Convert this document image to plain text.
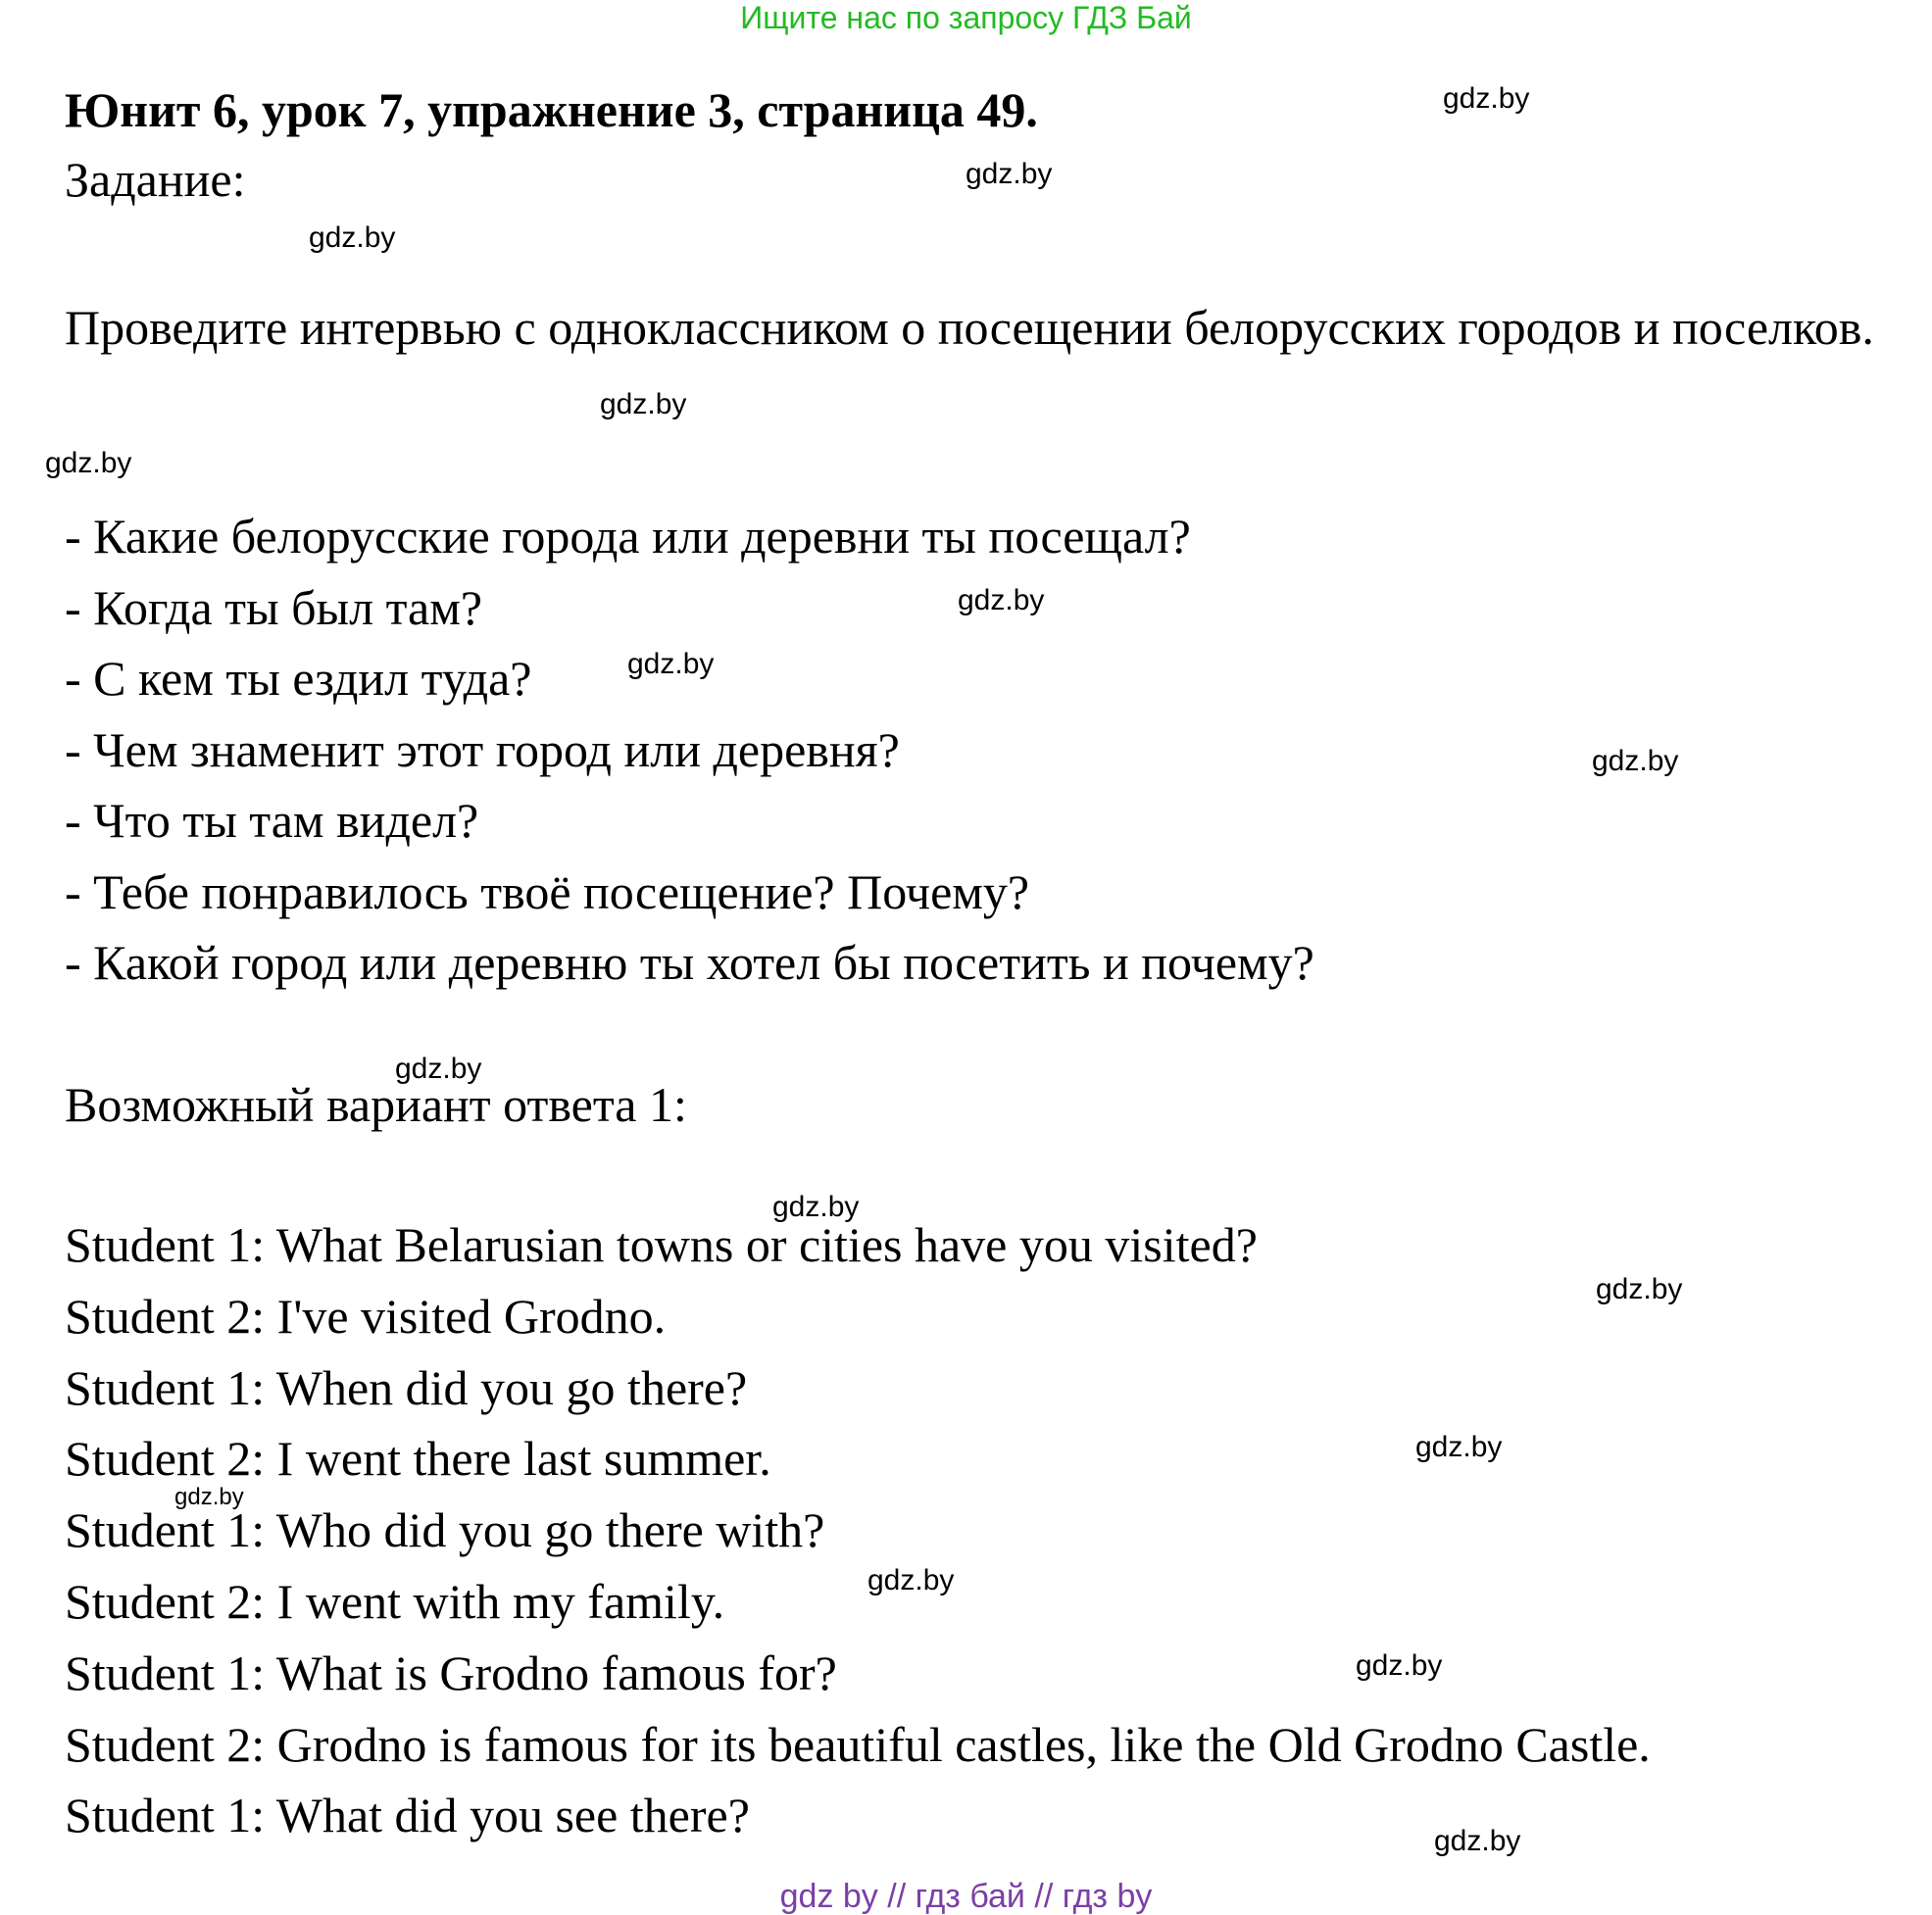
Ищите нас по запросу ГДЗ Бай
Юнит 6, урок 7, упражнение 3, страница 49.
Задание:
Проведите интервью с одноклассником о посещении белорусских городов и поселков.
- Какие белорусские города или деревни ты посещал?
- Когда ты был там?
- С кем ты ездил туда?
- Чем знаменит этот город или деревня?
- Что ты там видел?
- Тебе понравилось твоё посещение? Почему?
- Какой город или деревню ты хотел бы посетить и почему?
Возможный вариант ответа 1:
Student 1: What Belarusian towns or cities have you visited?
Student 2: I've visited Grodno.
Student 1: When did you go there?
Student 2: I went there last summer.
Student 1: Who did you go there with?
Student 2: I went with my family.
Student 1: What is Grodno famous for?
Student 2: Grodno is famous for its beautiful castles, like the Old Grodno Castle.
Student 1: What did you see there?
gdz.by
gdz.by
gdz.by
gdz.by
gdz.by
gdz.by
gdz.by
gdz.by
gdz.by
gdz.by
gdz.by
gdz.by
gdz.by
gdz.by
gdz.by
gdz.by
gdz by // гдз бай // гдз by
